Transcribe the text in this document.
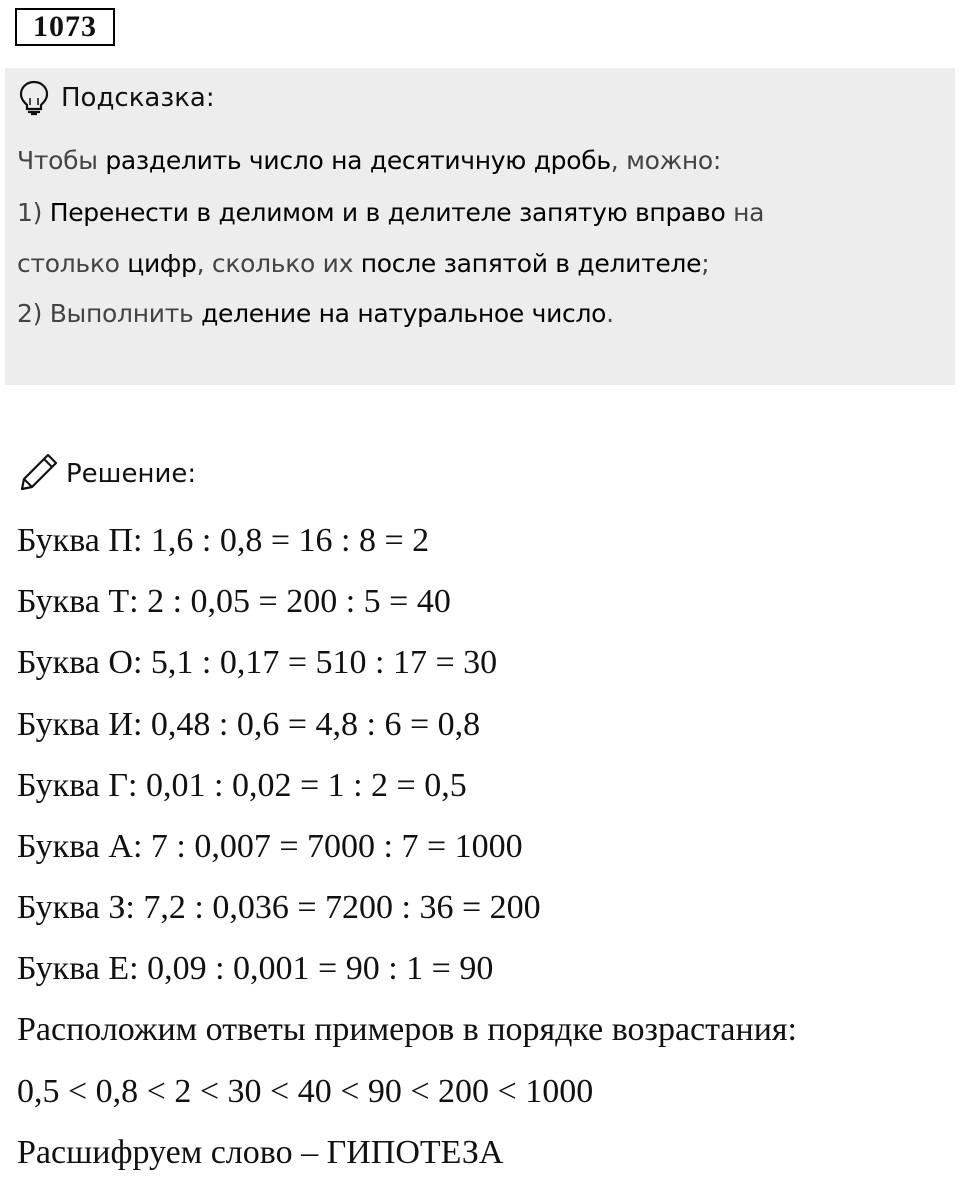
1073
Подсказка:
Чтобы разделить число на десятичную дробь, можно:
1) Перенести в делимом и в делителе запятую вправо на
столько цифр, сколько их после запятой в делителе;
2) Выполнить деление на натуральное число.
Решение:
Буква П: 1,6 : 0,8 = 16 : 8 = 2
Буква Т: 2 : 0,05 = 200 : 5 = 40
Буква О: 5,1 : 0,17 = 510 : 17 = 30
Буква И: 0,48 : 0,6 = 4,8 : 6 = 0,8
Буква Г: 0,01 : 0,02 = 1 : 2 = 0,5
Буква А: 7 : 0,007 = 7000 : 7 = 1000
Буква З: 7,2 : 0,036 = 7200 : 36 = 200
Буква Е: 0,09 : 0,001 = 90 : 1 = 90
Расположим ответы примеров в порядке возрастания:
0,5 < 0,8 < 2 < 30 < 40 < 90 < 200 < 1000
Расшифруем слово – ГИПОТЕЗА
